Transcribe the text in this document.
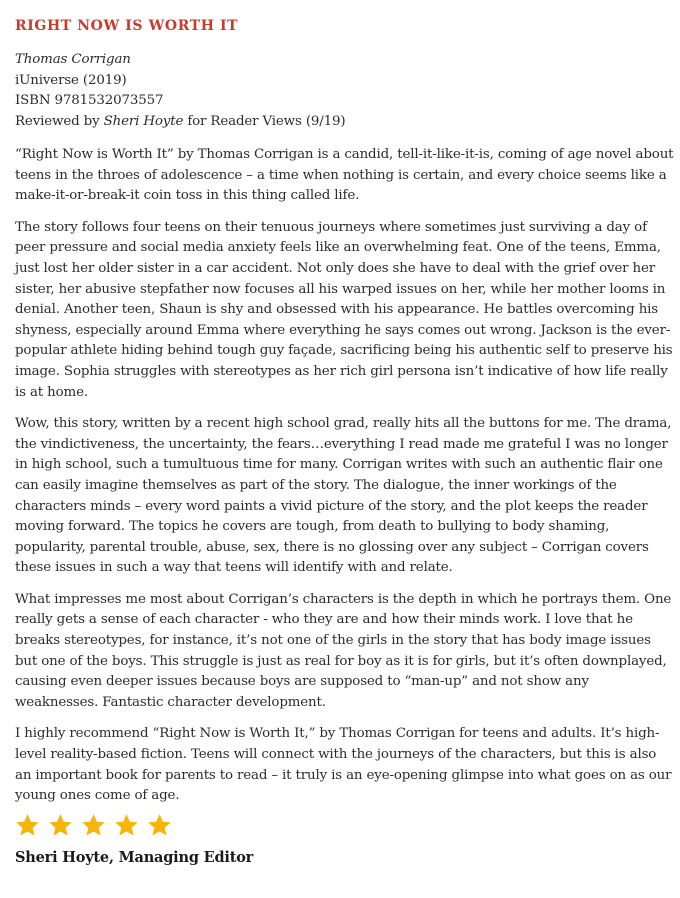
RIGHT NOW IS WORTH IT
Thomas Corrigan
iUniverse (2019)
ISBN 9781532073557
Reviewed by Sheri Hoyte for Reader Views (9/19)

“Right Now is Worth It” by Thomas Corrigan is a candid, tell-it-like-it-is, coming of age novel about teens in the throes of adolescence – a time when nothing is certain, and every choice seems like a make-it-or-break-it coin toss in this thing called life.

The story follows four teens on their tenuous journeys where sometimes just surviving a day of peer pressure and social media anxiety feels like an overwhelming feat. One of the teens, Emma, just lost her older sister in a car accident. Not only does she have to deal with the grief over her sister, her abusive stepfather now focuses all his warped issues on her, while her mother looms in denial. Another teen, Shaun is shy and obsessed with his appearance. He battles overcoming his shyness, especially around Emma where everything he says comes out wrong. Jackson is the ever-popular athlete hiding behind tough guy façade, sacrificing being his authentic self to preserve his image. Sophia struggles with stereotypes as her rich girl persona isn’t indicative of how life really is at home.

Wow, this story, written by a recent high school grad, really hits all the buttons for me. The drama, the vindictiveness, the uncertainty, the fears…everything I read made me grateful I was no longer in high school, such a tumultuous time for many. Corrigan writes with such an authentic flair one can easily imagine themselves as part of the story. The dialogue, the inner workings of the characters minds – every word paints a vivid picture of the story, and the plot keeps the reader moving forward. The topics he covers are tough, from death to bullying to body shaming, popularity, parental trouble, abuse, sex, there is no glossing over any subject – Corrigan covers these issues in such a way that teens will identify with and relate.

What impresses me most about Corrigan’s characters is the depth in which he portrays them. One really gets a sense of each character - who they are and how their minds work. I love that he breaks stereotypes, for instance, it’s not one of the girls in the story that has body image issues but one of the boys. This struggle is just as real for boy as it is for girls, but it’s often downplayed, causing even deeper issues because boys are supposed to “man-up” and not show any weaknesses. Fantastic character development.

I highly recommend “Right Now is Worth It,” by Thomas Corrigan for teens and adults. It’s high-level reality-based fiction. Teens will connect with the journeys of the characters, but this is also an important book for parents to read – it truly is an eye-opening glimpse into what goes on as our young ones come of age.

Sheri Hoyte, Managing Editor
